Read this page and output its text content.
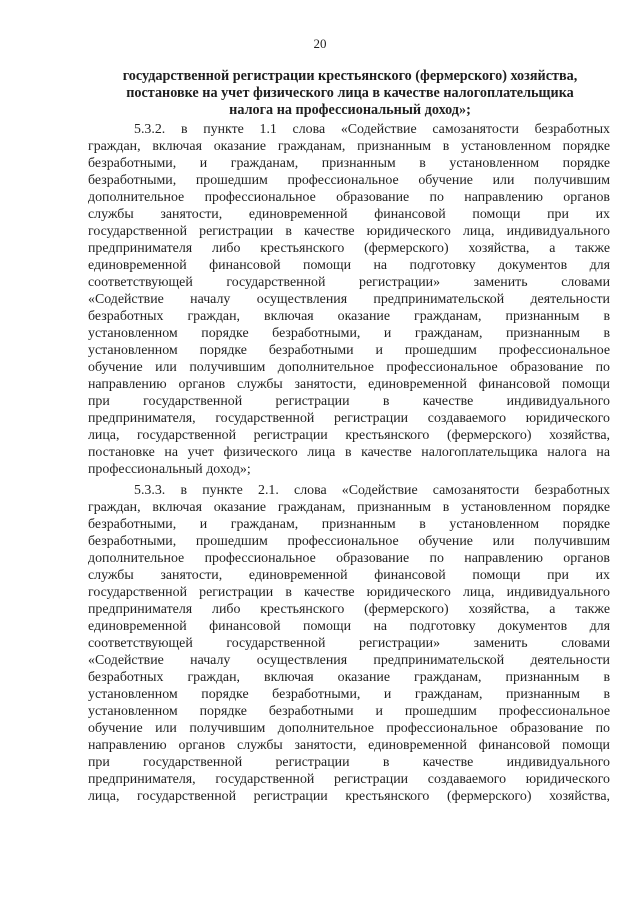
20
государственной регистрации крестьянского (фермерского) хозяйства,
постановке на учет физического лица в качестве налогоплательщика
налога на профессиональный доход»;
5.3.2. в пункте 1.1 слова «Содействие самозанятости безработных
граждан, включая оказание гражданам, признанным в установленном порядке
безработными, и гражданам, признанным в установленном порядке
безработными, прошедшим профессиональное обучение или получившим
дополнительное профессиональное образование по направлению органов
службы занятости, единовременной финансовой помощи при их
государственной регистрации в качестве юридического лица, индивидуального
предпринимателя либо крестьянского (фермерского) хозяйства, а также
единовременной финансовой помощи на подготовку документов для
соответствующей государственной регистрации» заменить словами
«Содействие началу осуществления предпринимательской деятельности
безработных граждан, включая оказание гражданам, признанным в
установленном порядке безработными, и гражданам, признанным в
установленном порядке безработными и прошедшим профессиональное
обучение или получившим дополнительное профессиональное образование по
направлению органов службы занятости, единовременной финансовой помощи
при государственной регистрации в качестве индивидуального
предпринимателя, государственной регистрации создаваемого юридического
лица, государственной регистрации крестьянского (фермерского) хозяйства,
постановке на учет физического лица в качестве налогоплательщика налога на
профессиональный доход»;
5.3.3. в пункте 2.1. слова «Содействие самозанятости безработных
граждан, включая оказание гражданам, признанным в установленном порядке
безработными, и гражданам, признанным в установленном порядке
безработными, прошедшим профессиональное обучение или получившим
дополнительное профессиональное образование по направлению органов
службы занятости, единовременной финансовой помощи при их
государственной регистрации в качестве юридического лица, индивидуального
предпринимателя либо крестьянского (фермерского) хозяйства, а также
единовременной финансовой помощи на подготовку документов для
соответствующей государственной регистрации» заменить словами
«Содействие началу осуществления предпринимательской деятельности
безработных граждан, включая оказание гражданам, признанным в
установленном порядке безработными, и гражданам, признанным в
установленном порядке безработными и прошедшим профессиональное
обучение или получившим дополнительное профессиональное образование по
направлению органов службы занятости, единовременной финансовой помощи
при государственной регистрации в качестве индивидуального
предпринимателя, государственной регистрации создаваемого юридического
лица, государственной регистрации крестьянского (фермерского) хозяйства,
